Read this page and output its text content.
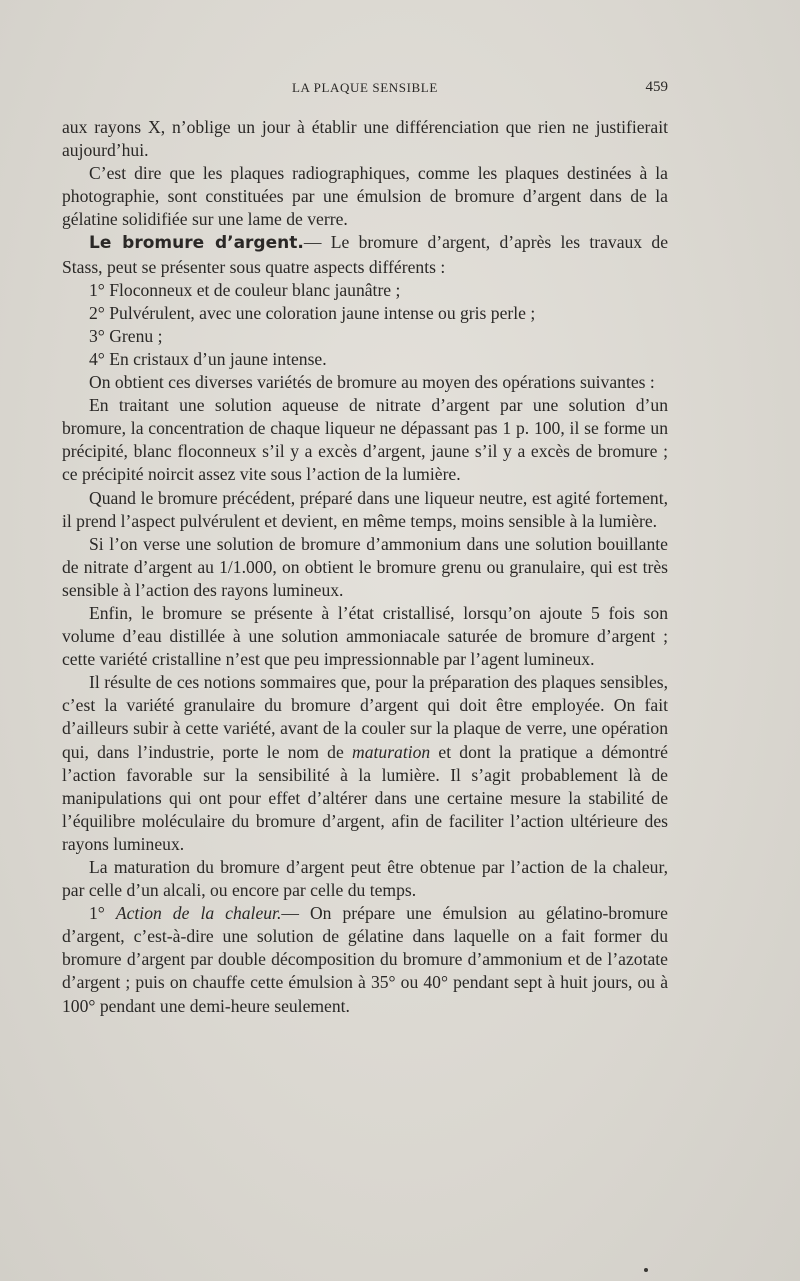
LA PLAQUE SENSIBLE	459

aux rayons X, n’oblige un jour à établir une différenciation que rien ne justifierait aujourd’hui.

C’est dire que les plaques radiographiques, comme les plaques destinées à la photographie, sont constituées par une émulsion de bromure d’argent dans de la gélatine solidifiée sur une lame de verre.

Le bromure d’argent.— Le bromure d’argent, d’après les travaux de Stass, peut se présenter sous quatre aspects différents :

1° Floconneux et de couleur blanc jaunâtre ;

2° Pulvérulent, avec une coloration jaune intense ou gris perle ;

3° Grenu ;

4° En cristaux d’un jaune intense.

On obtient ces diverses variétés de bromure au moyen des opérations suivantes :

En traitant une solution aqueuse de nitrate d’argent par une solution d’un bromure, la concentration de chaque liqueur ne dépassant pas 1 p. 100, il se forme un précipité, blanc floconneux s’il y a excès d’argent, jaune s’il y a excès de bromure ; ce précipité noircit assez vite sous l’action de la lumière.

Quand le bromure précédent, préparé dans une liqueur neutre, est agité fortement, il prend l’aspect pulvérulent et devient, en même temps, moins sensible à la lumière.

Si l’on verse une solution de bromure d’ammonium dans une solution bouillante de nitrate d’argent au 1/1.000, on obtient le bromure grenu ou granulaire, qui est très sensible à l’action des rayons lumineux.

Enfin, le bromure se présente à l’état cristallisé, lorsqu’on ajoute 5 fois son volume d’eau distillée à une solution ammoniacale saturée de bromure d’argent ; cette variété cristalline n’est que peu impressionnable par l’agent lumineux.

Il résulte de ces notions sommaires que, pour la préparation des plaques sensibles, c’est la variété granulaire du bromure d’argent qui doit être employée. On fait d’ailleurs subir à cette variété, avant de la couler sur la plaque de verre, une opération qui, dans l’industrie, porte le nom de maturation et dont la pratique a démontré l’action favorable sur la sensibilité à la lumière. Il s’agit probablement là de manipulations qui ont pour effet d’altérer dans une certaine mesure la stabilité de l’équilibre moléculaire du bromure d’argent, afin de faciliter l’action ultérieure des rayons lumineux.

La maturation du bromure d’argent peut être obtenue par l’action de la chaleur, par celle d’un alcali, ou encore par celle du temps.

1° Action de la chaleur.— On prépare une émulsion au gélatino-bromure d’argent, c’est-à-dire une solution de gélatine dans laquelle on a fait former du bromure d’argent par double décomposition du bromure d’ammonium et de l’azotate d’argent ; puis on chauffe cette émulsion à 35° ou 40° pendant sept à huit jours, ou à 100° pendant une demi-heure seulement.
